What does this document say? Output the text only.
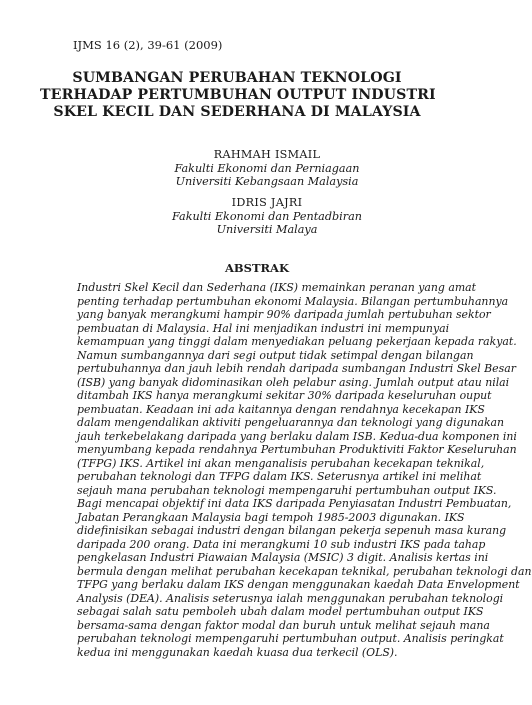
IJMS 16 (2), 39-61 (2009)
SUMBANGAN PERUBAHAN TEKNOLOGI
TERHADAP PERTUMBUHAN OUTPUT INDUSTRI
SKEL KECIL DAN SEDERHANA DI MALAYSIA
RAHMAH ISMAIL
Fakulti Ekonomi dan Perniagaan
Universiti Kebangsaan Malaysia
IDRIS JAJRI
Fakulti Ekonomi dan Pentadbiran
Universiti Malaya
ABSTRAK
Industri Skel Kecil dan Sederhana (IKS) memainkan peranan yang amat
penting terhadap pertumbuhan ekonomi Malaysia. Bilangan pertumbuhannya
yang banyak merangkumi hampir 90% daripada jumlah pertubuhan sektor
pembuatan di Malaysia. Hal ini menjadikan industri ini mempunyai
kemampuan yang tinggi dalam menyediakan peluang pekerjaan kepada rakyat.
Namun sumbangannya dari segi output tidak setimpal dengan bilangan
pertubuhannya dan jauh lebih rendah daripada sumbangan Industri Skel Besar
(ISB) yang banyak didominasikan oleh pelabur asing. Jumlah output atau nilai
ditambah IKS hanya merangkumi sekitar 30% daripada keseluruhan ouput
pembuatan. Keadaan ini ada kaitannya dengan rendahnya kecekapan IKS
dalam mengendalikan aktiviti pengeluarannya dan teknologi yang digunakan
jauh terkebelakang daripada yang berlaku dalam ISB. Kedua-dua komponen ini
menyumbang kepada rendahnya Pertumbuhan Produktiviti Faktor Keseluruhan
(TFPG) IKS. Artikel ini akan menganalisis perubahan kecekapan teknikal,
perubahan teknologi dan TFPG dalam IKS. Seterusnya artikel ini melihat
sejauh mana perubahan teknologi mempengaruhi pertumbuhan output IKS.
Bagi mencapai objektif ini data IKS daripada Penyiasatan Industri Pembuatan,
Jabatan Perangkaan Malaysia bagi tempoh 1985-2003 digunakan. IKS
didefinisikan sebagai industri dengan bilangan pekerja sepenuh masa kurang
daripada 200 orang. Data ini merangkumi 10 sub industri IKS pada tahap
pengkelasan Industri Piawaian Malaysia (MSIC) 3 digit. Analisis kertas ini
bermula dengan melihat perubahan kecekapan teknikal, perubahan teknologi dan
TFPG yang berlaku dalam IKS dengan menggunakan kaedah Data Envelopment
Analysis (DEA). Analisis seterusnya ialah menggunakan perubahan teknologi
sebagai salah satu pemboleh ubah dalam model pertumbuhan output IKS
bersama-sama dengan faktor modal dan buruh untuk melihat sejauh mana
perubahan teknologi mempengaruhi pertumbuhan output. Analisis peringkat
kedua ini menggunakan kaedah kuasa dua terkecil (OLS).
